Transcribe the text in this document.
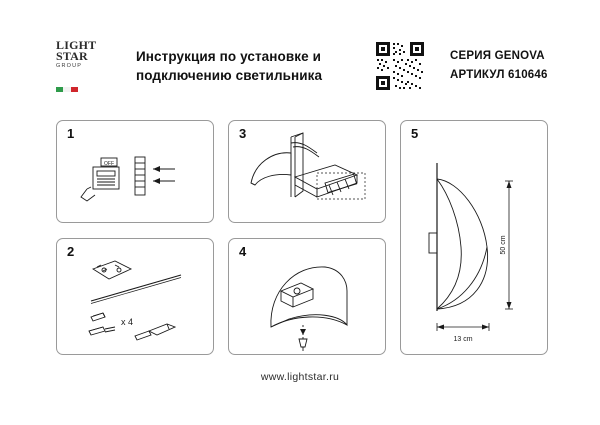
LIGHT
STAR
GROUP
Инструкция по установке и
подключению светильника
СЕРИЯ GENOVA
АРТИКУЛ 610646
1
OFF
2
x 4
3
4
5
50 cm
13 cm
www.lightstar.ru
